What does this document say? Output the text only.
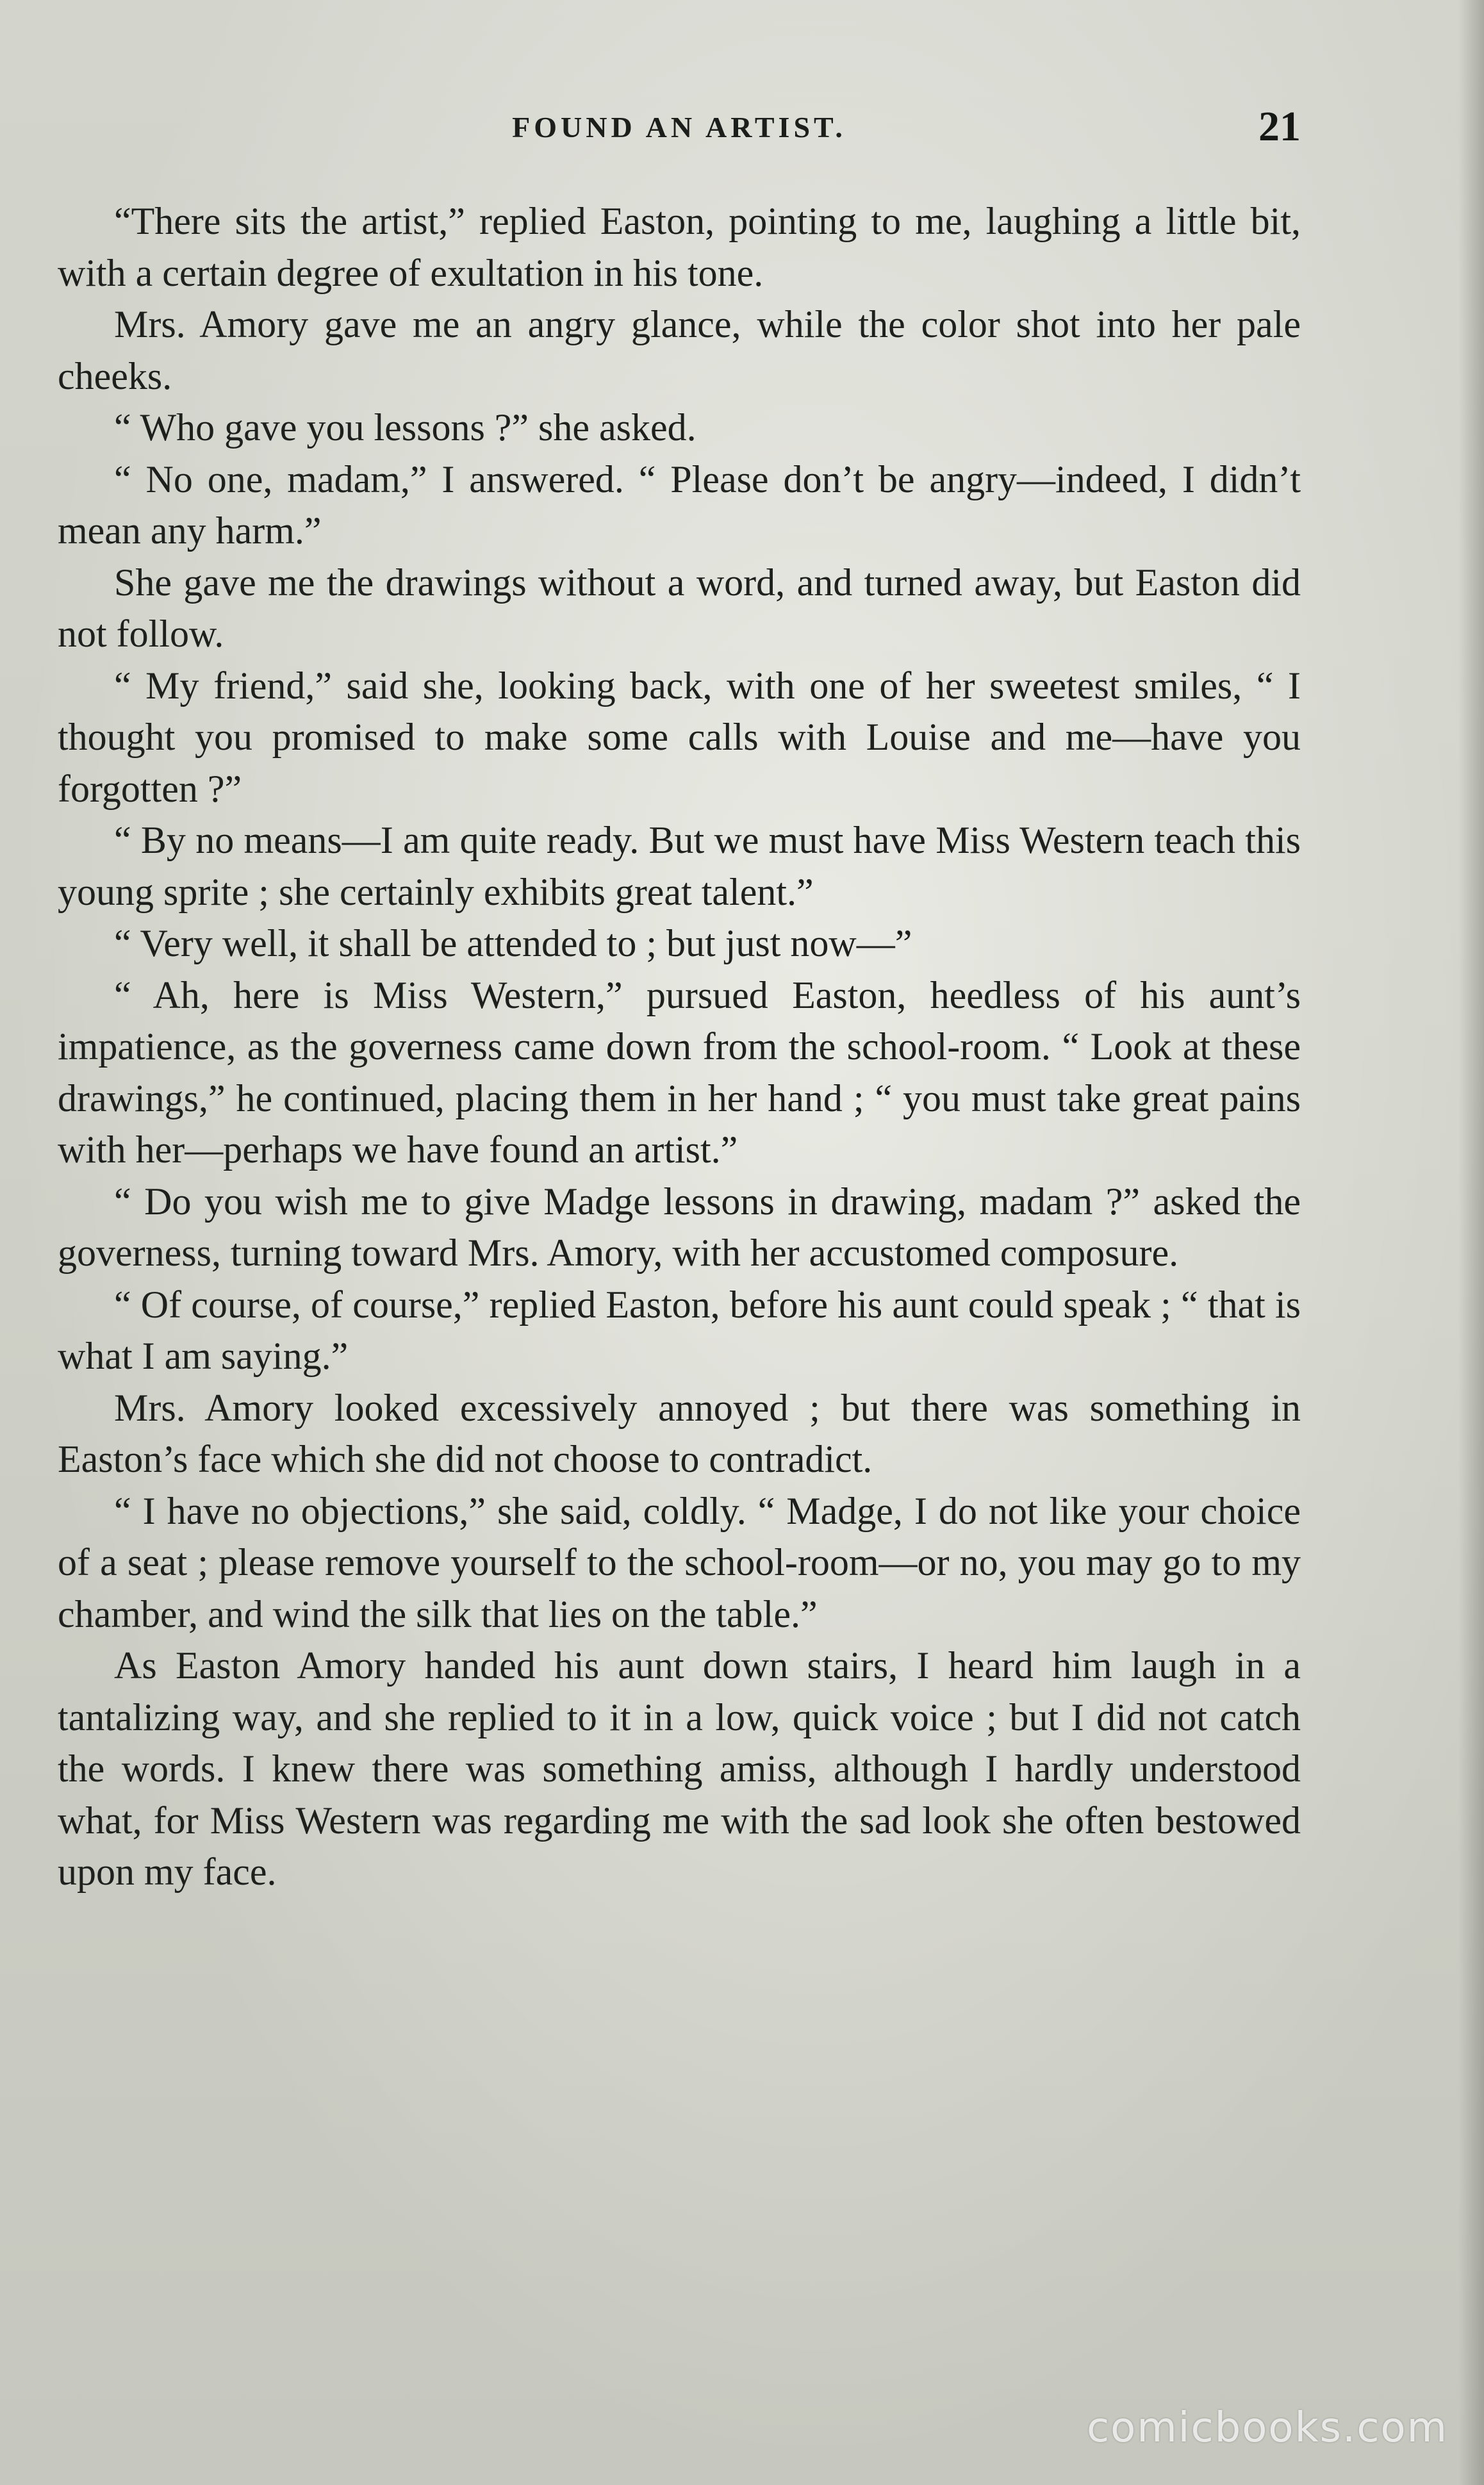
FOUND AN ARTIST.	21

“There sits the artist,” replied Easton, pointing to me, laughing a little bit, with a certain degree of exultation in his tone.

Mrs. Amory gave me an angry glance, while the color shot into her pale cheeks.

“ Who gave you lessons ?” she asked.

“ No one, madam,” I answered. “ Please don’t be angry—indeed, I didn’t mean any harm.”

She gave me the drawings without a word, and turned away, but Easton did not follow.

“ My friend,” said she, looking back, with one of her sweetest smiles, “ I thought you promised to make some calls with Louise and me—have you forgotten ?”

“ By no means—I am quite ready. But we must have Miss Western teach this young sprite ; she certainly exhibits great talent.”

“ Very well, it shall be attended to ; but just now—”

“ Ah, here is Miss Western,” pursued Easton, heedless of his aunt’s impatience, as the governess came down from the school-room. “ Look at these drawings,” he continued, placing them in her hand ; “ you must take great pains with her—perhaps we have found an artist.”

“ Do you wish me to give Madge lessons in drawing, madam ?” asked the governess, turning toward Mrs. Amory, with her accustomed composure.

“ Of course, of course,” replied Easton, before his aunt could speak ; “ that is what I am saying.”

Mrs. Amory looked excessively annoyed ; but there was something in Easton’s face which she did not choose to contradict.

“ I have no objections,” she said, coldly. “ Madge, I do not like your choice of a seat ; please remove yourself to the school-room—or no, you may go to my chamber, and wind the silk that lies on the table.”

As Easton Amory handed his aunt down stairs, I heard him laugh in a tantalizing way, and she replied to it in a low, quick voice ; but I did not catch the words. I knew there was something amiss, although I hardly understood what, for Miss Western was regarding me with the sad look she often bestowed upon my face.

comicbooks.com
